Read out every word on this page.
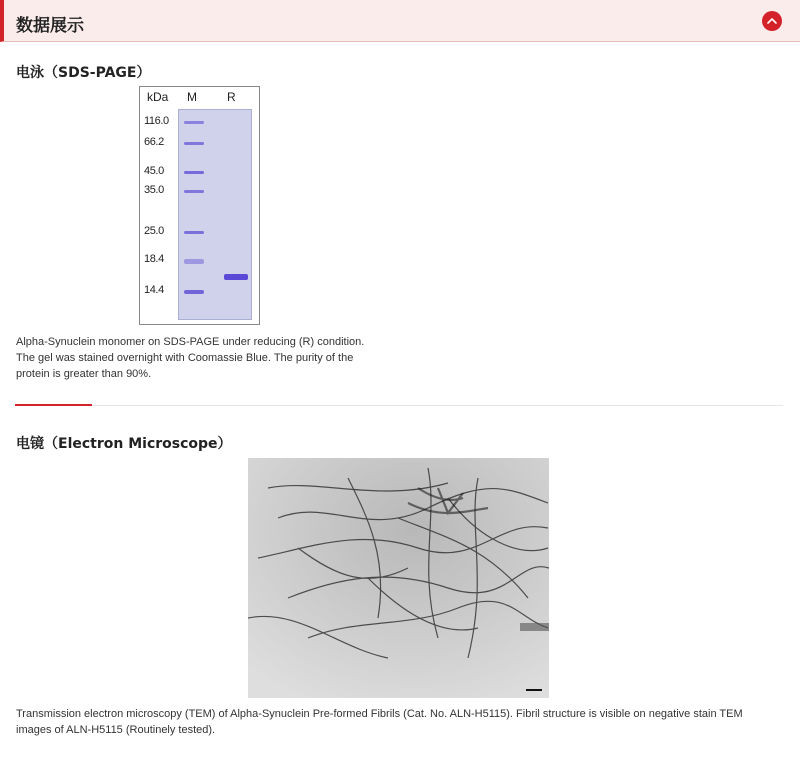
数据展示
电泳（SDS-PAGE）
kDa M	R
116.0
66.2
45.0
35.0
25.0
18.4
14.4
Alpha-Synuclein monomer on SDS-PAGE under reducing (R) condition.
The gel was stained overnight with Coomassie Blue. The purity of the
protein is greater than 90%.
电镜（Electron Microscope）
Transmission electron microscopy (TEM) of Alpha-Synuclein Pre-formed Fibrils (Cat. No. ALN-H5115). Fibril structure is visible on negative stain TEM
images of ALN-H5115 (Routinely tested).
